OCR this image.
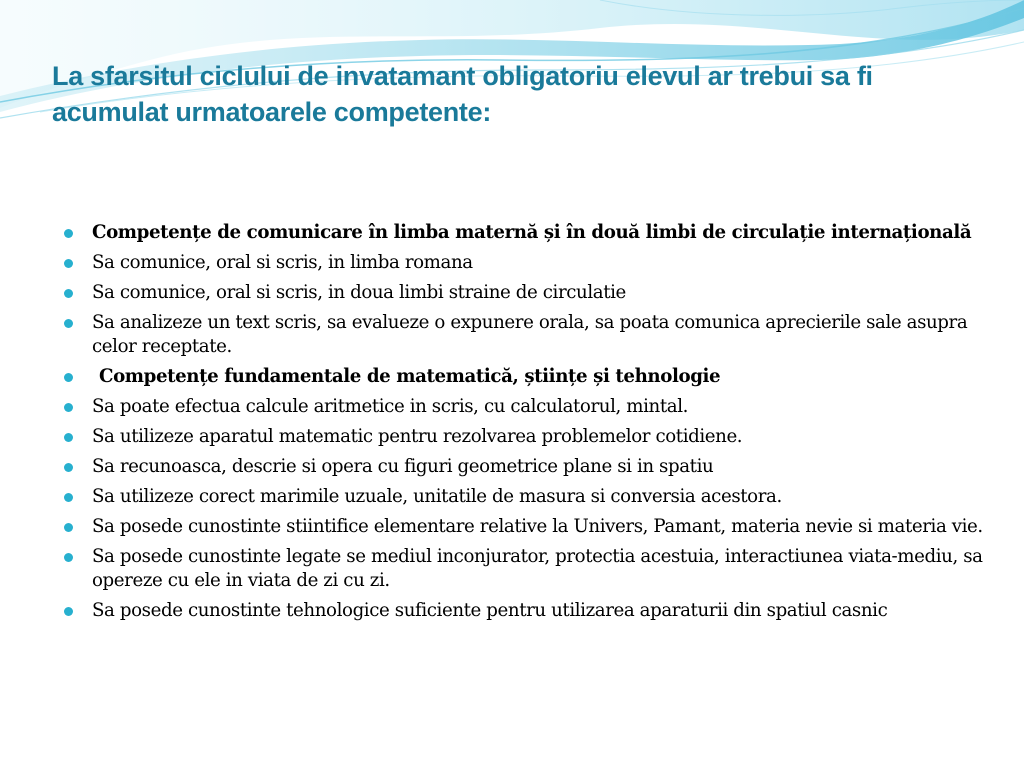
La sfarsitul ciclului de invatamant obligatoriu elevul ar trebui sa fi acumulat urmatoarele competente:
Competențe de comunicare în limba maternă și în două limbi de circulație internațională
Sa comunice, oral si scris, in limba romana
Sa comunice, oral si scris, in doua limbi straine de circulatie
Sa analizeze un text scris, sa evalueze o expunere orala, sa poata comunica aprecierile sale asupra celor receptate.
Competențe fundamentale de matematică, științe și tehnologie
Sa poate efectua calcule aritmetice in scris, cu calculatorul, mintal.
Sa utilizeze aparatul matematic pentru rezolvarea problemelor cotidiene.
Sa recunoasca, descrie si opera cu figuri geometrice plane si in spatiu
Sa utilizeze corect marimile uzuale, unitatile de masura si conversia acestora.
Sa posede cunostinte stiintifice elementare relative la Univers, Pamant, materia nevie si materia vie.
Sa posede cunostinte legate se mediul inconjurator, protectia acestuia, interactiunea viata-mediu, sa opereze cu ele in viata de zi cu zi.
Sa posede cunostinte tehnologice suficiente pentru utilizarea aparaturii din spatiul casnic
